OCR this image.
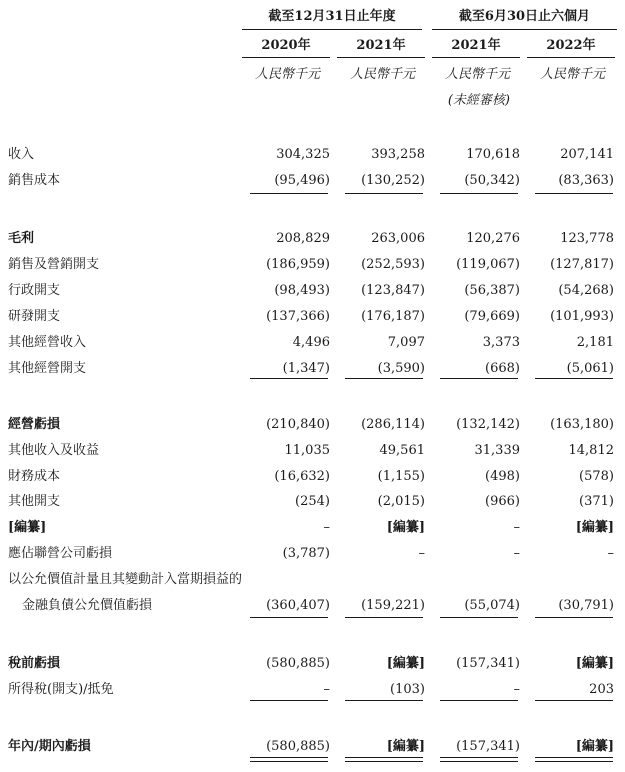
截至12月31日止年度	截至6月30日止六個月
2020年	2021年	2021年	2022年
人民幣千元	人民幣千元	人民幣千元	人民幣千元
(未經審核)
收入	304,325	393,258	170,618	207,141
銷售成本	(95,496)	(130,252)	(50,342)	(83,363)
毛利	208,829	263,006	120,276	123,778
銷售及營銷開支	(186,959)	(252,593)	(119,067)	(127,817)
行政開支	(98,493)	(123,847)	(56,387)	(54,268)
研發開支	(137,366)	(176,187)	(79,669)	(101,993)
其他經營收入	4,496	7,097	3,373	2,181
其他經營開支	(1,347)	(3,590)	(668)	(5,061)
經營虧損	(210,840)	(286,114)	(132,142)	(163,180)
其他收入及收益	11,035	49,561	31,339	14,812
財務成本	(16,632)	(1,155)	(498)	(578)
其他開支	(254)	(2,015)	(966)	(371)
[編纂]	–	[編纂]	–	[編纂]
應佔聯營公司虧損	(3,787)	–	–	–
以公允價值計量且其變動計入當期損益的
金融負債公允價值虧損	(360,407)	(159,221)	(55,074)	(30,791)
稅前虧損	(580,885)	[編纂]	(157,341)	[編纂]
所得稅(開支)/抵免	–	(103)	–	203
年內/期內虧損	(580,885)	[編纂]	(157,341)	[編纂]
